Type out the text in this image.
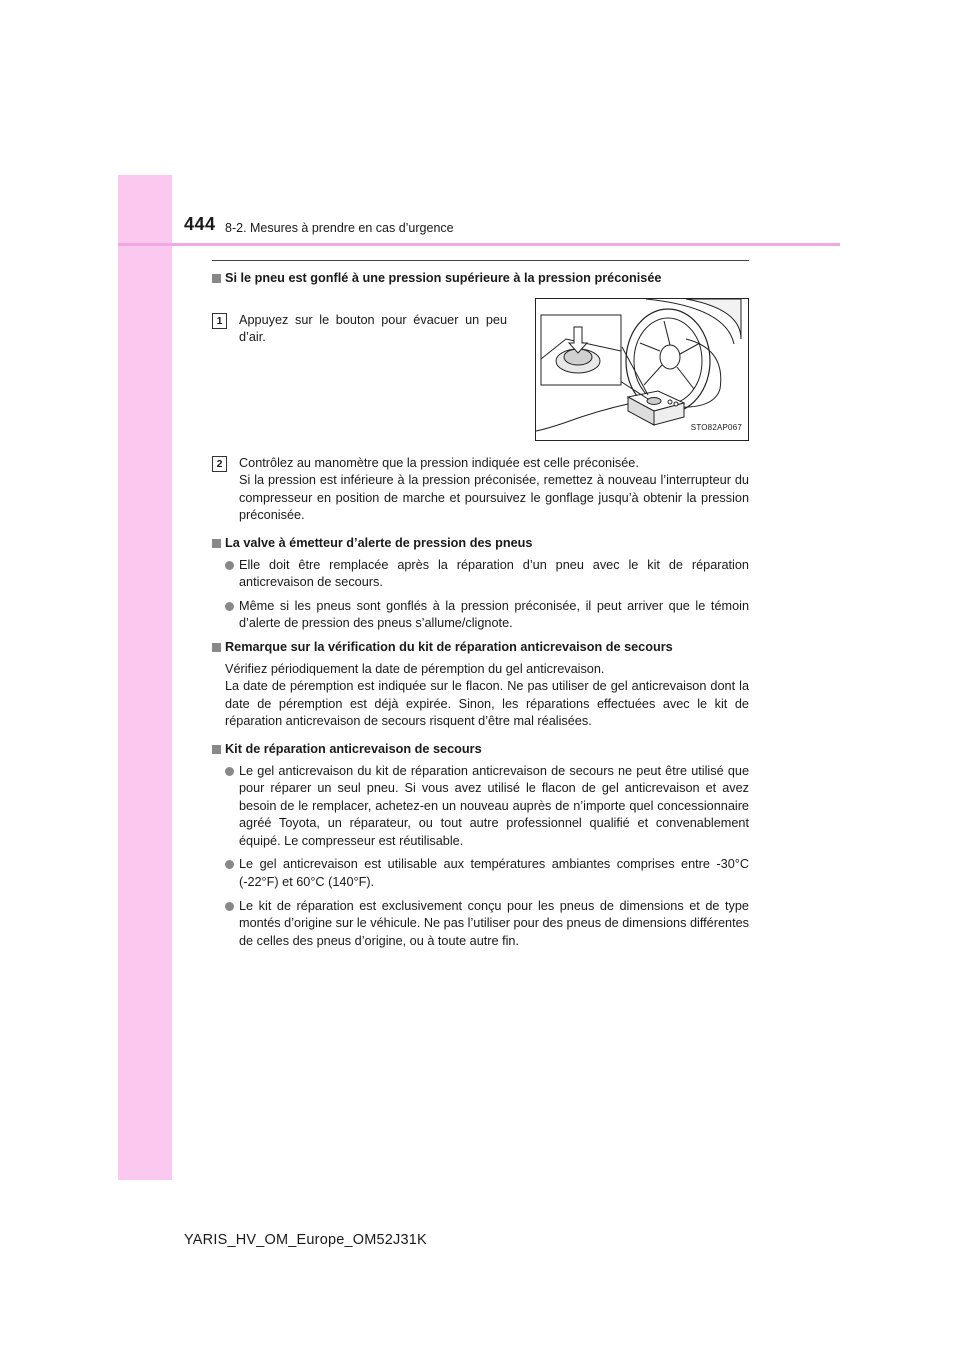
444 8-2. Mesures à prendre en cas d’urgence
Si le pneu est gonflé à une pression supérieure à la pression préconisée
1	Appuyez sur le bouton pour évacuer un peu d’air.
STO82AP067
2	Contrôlez au manomètre que la pression indiquée est celle préconisée.
Si la pression est inférieure à la pression préconisée, remettez à nouveau l’interrupteur du compresseur en position de marche et poursuivez le gonflage jusqu’à obtenir la pression préconisée.
La valve à émetteur d’alerte de pression des pneus
Elle doit être remplacée après la réparation d’un pneu avec le kit de réparation anticrevaison de secours.
Même si les pneus sont gonflés à la pression préconisée, il peut arriver que le témoin d’alerte de pression des pneus s’allume/clignote.
Remarque sur la vérification du kit de réparation anticrevaison de secours
Vérifiez périodiquement la date de péremption du gel anticrevaison.
La date de péremption est indiquée sur le flacon. Ne pas utiliser de gel anticrevaison dont la date de péremption est déjà expirée. Sinon, les réparations effectuées avec le kit de réparation anticrevaison de secours risquent d’être mal réalisées.
Kit de réparation anticrevaison de secours
Le gel anticrevaison du kit de réparation anticrevaison de secours ne peut être utilisé que pour réparer un seul pneu. Si vous avez utilisé le flacon de gel anticrevaison et avez besoin de le remplacer, achetez-en un nouveau auprès de n’importe quel concessionnaire agréé Toyota, un réparateur, ou tout autre professionnel qualifié et convenablement équipé. Le compresseur est réutilisable.
Le gel anticrevaison est utilisable aux températures ambiantes comprises entre -30°C (-22°F) et 60°C (140°F).
Le kit de réparation est exclusivement conçu pour les pneus de dimensions et de type montés d’origine sur le véhicule. Ne pas l’utiliser pour des pneus de dimensions différentes de celles des pneus d’origine, ou à toute autre fin.
YARIS_HV_OM_Europe_OM52J31K
